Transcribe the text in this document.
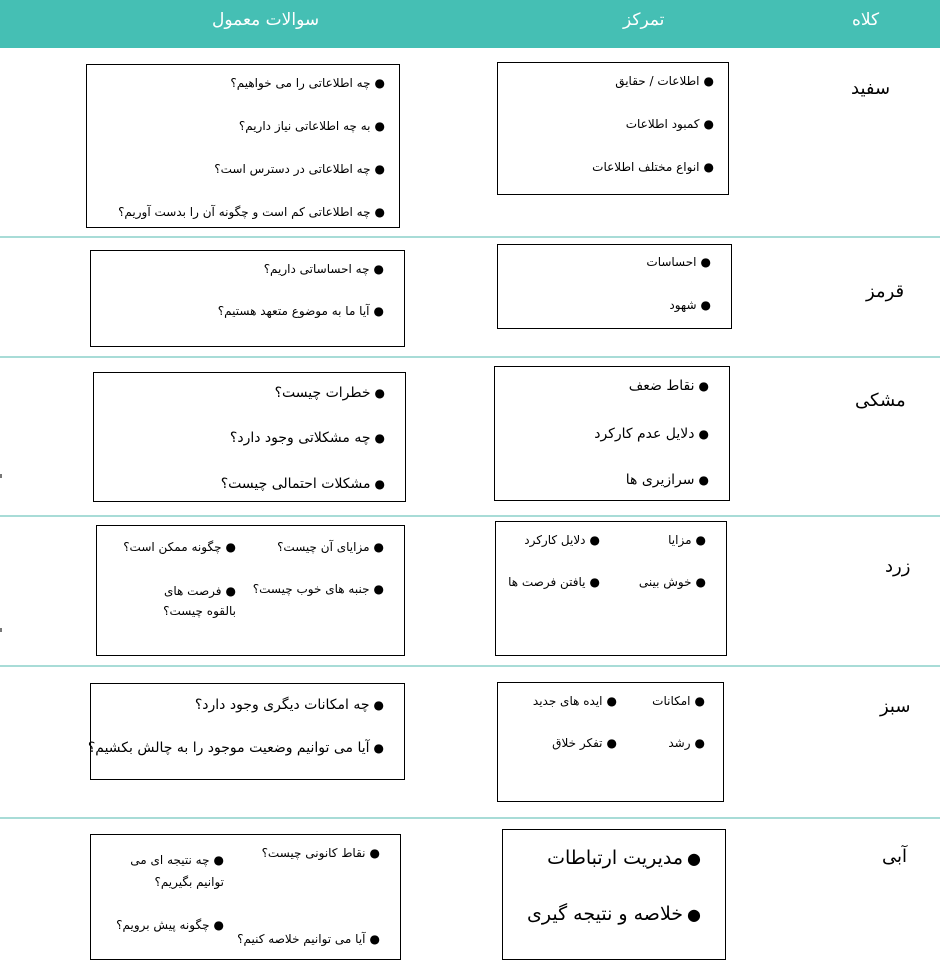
کلاه
تمرکز
سوالات معمول
سفید
●اطلاعات / حقایق
●کمبود اطلاعات
●انواع مختلف اطلاعات
●چه اطلاعاتی را می خواهیم؟
●به چه اطلاعاتی نیاز داریم؟
●چه اطلاعاتی در دسترس است؟
●چه اطلاعاتی کم است و چگونه آن را بدست آوریم؟
قرمز
●احساسات
●شهود
●چه احساساتی داریم؟
●آیا ما به موضوع متعهد هستیم؟
مشکی
●نقاط ضعف
●دلایل عدم کارکرد
●سرازیری ها
●خطرات چیست؟
●چه مشکلاتی وجود دارد؟
●مشکلات احتمالی چیست؟
زرد
●مزایا
●دلایل کارکرد
●خوش بینی
●یافتن فرصت ها
●مزایای آن چیست؟
●چگونه ممکن است؟
●جنبه های خوب چیست؟
●فرصت های بالقوه چیست؟
سبز
●امکانات
●ایده های جدید
●رشد
●تفکر خلاق
●چه امکانات دیگری وجود دارد؟
●آیا می توانیم وضعیت موجود را به چالش بکشیم؟
آبی
●مدیریت ارتباطات
●خلاصه و نتیجه گیری
●نقاط کانونی چیست؟
●چه نتیجه ای می توانیم بگیریم؟
●چگونه پیش برویم؟
●آیا می توانیم خلاصه کنیم؟
